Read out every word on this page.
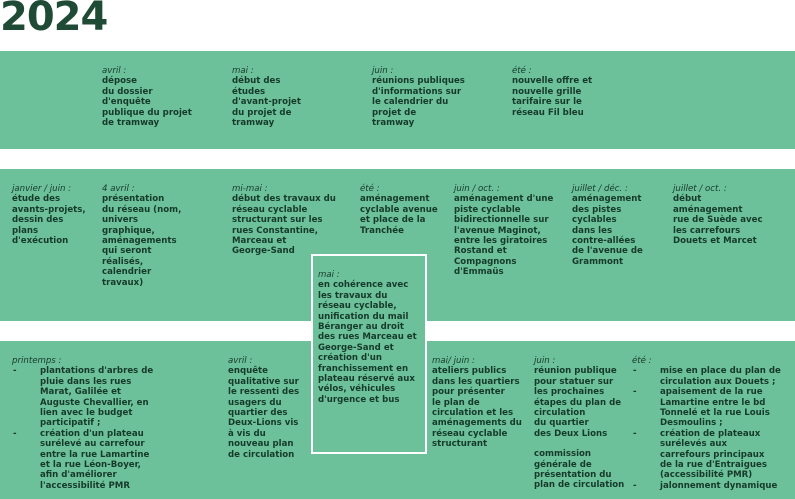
2024
avril :
dépose
du dossier
d'enquête
publique du projet
de tramway
mai :
début des
études
d'avant-projet
du projet de
tramway
juin :
réunions publiques
d'informations sur
le calendrier du
projet de
tramway
été :
nouvelle offre et
nouvelle grille
tarifaire sur le
réseau Fil bleu
janvier / juin :
étude des
avants-projets,
dessin des
plans
d'exécution
4 avril :
présentation
du réseau (nom,
univers
graphique,
aménagements
qui seront
réalisés,
calendrier
travaux)
mi-mai :
début des travaux du
réseau cyclable
structurant sur les
rues Constantine,
Marceau et
George-Sand
été :
aménagement
cyclable avenue
et place de la
Tranchée
juin / oct. :
aménagement d'une
piste cyclable
bidirectionnelle sur
l'avenue Maginot,
entre les giratoires
Rostand et
Compagnons
d'Emmaüs
juillet / déc. :
aménagement
des pistes
cyclables
dans les
contre-allées
de l'avenue de
Grammont
juillet / oct. :
début
aménagement
rue de Suède avec
les carrefours
Douets et Marcet
mai :
en cohérence avec
les travaux du
réseau cyclable,
unification du mail
Béranger au droit
des rues Marceau et
George-Sand et
création d'un
franchissement en
plateau réservé aux
vélos, véhicules
d'urgence et bus
printemps :
- plantations d'arbres de
pluie dans les rues
Marat, Galilée et
Auguste Chevallier, en
lien avec le budget
participatif ;
- création d'un plateau
surélevé au carrefour
entre la rue Lamartine
et la rue Léon-Boyer,
afin d'améliorer
l'accessibilité PMR
avril :
enquête
qualitative sur
le ressenti des
usagers du
quartier des
Deux-Lions vis
à vis du
nouveau plan
de circulation
mai/ juin :
ateliers publics
dans les quartiers
pour présenter
le plan de
circulation et les
aménagements du
réseau cyclable
structurant
juin :
réunion publique
pour statuer sur
les prochaines
étapes du plan de
circulation
du quartier
des Deux Lions
commission
générale de
présentation du
plan de circulation
été :
- mise en place du plan de
circulation aux Douets ;
- apaisement de la rue
Lamartine entre le bd
Tonnelé et la rue Louis
Desmoulins ;
- création de plateaux
surélevés aux
carrefours principaux
de la rue d'Entraigues
(accessibilité PMR)
- jalonnement dynamique
